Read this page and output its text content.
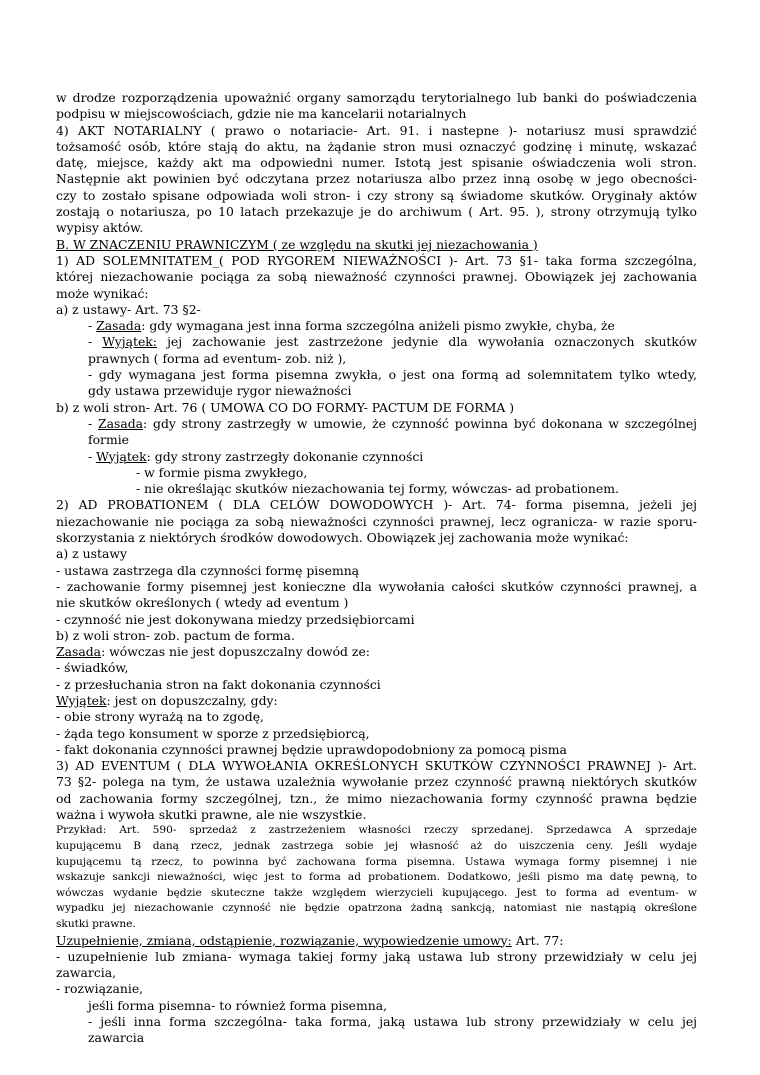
w drodze rozporządzenia upoważnić organy samorządu terytorialnego lub banki do poświadczenia
podpisu w miejscowościach, gdzie nie ma kancelarii notarialnych
4) AKT NOTARIALNY ( prawo o notariacie- Art. 91. i nastepne )- notariusz musi sprawdzić
tożsamość osób, które stają do aktu, na żądanie stron musi oznaczyć godzinę i minutę, wskazać
datę, miejsce, każdy akt ma odpowiedni numer. Istotą jest spisanie oświadczenia woli stron.
Następnie akt powinien być odczytana przez notariusza albo przez inną osobę w jego obecności-
czy to zostało spisane odpowiada woli stron- i czy strony są świadome skutków. Oryginały aktów
zostają o notariusza, po 10 latach przekazuje je do archiwum ( Art. 95. ), strony otrzymują tylko
wypisy aktów.
B. W ZNACZENIU PRAWNICZYM ( ze względu na skutki jej niezachowania )
1) AD SOLEMNITATEM_( POD RYGOREM NIEWAŻNOŚCI )- Art. 73 §1- taka forma szczególna,
której niezachowanie pociąga za sobą nieważność czynności prawnej. Obowiązek jej zachowania
może wynikać:
a) z ustawy- Art. 73 §2-
- Zasada: gdy wymagana jest inna forma szczególna aniżeli pismo zwykłe, chyba, że
- Wyjątek: jej zachowanie jest zastrzeżone jedynie dla wywołania oznaczonych skutków
prawnych ( forma ad eventum- zob. niż ),
- gdy wymagana jest forma pisemna zwykła, o jest ona formą ad solemnitatem tylko wtedy,
gdy ustawa przewiduje rygor nieważności
b) z woli stron- Art. 76 ( UMOWA CO DO FORMY- PACTUM DE FORMA )
- Zasada: gdy strony zastrzegły w umowie, że czynność powinna być dokonana w szczególnej
formie
- Wyjątek: gdy strony zastrzegły dokonanie czynności
- w formie pisma zwykłego,
- nie określając skutków niezachowania tej formy, wówczas- ad probationem.
2) AD PROBATIONEM ( DLA CELÓW DOWODOWYCH )- Art. 74- forma pisemna, jeżeli jej
niezachowanie nie pociąga za sobą nieważności czynności prawnej, lecz ogranicza- w razie sporu-
skorzystania z niektórych środków dowodowych. Obowiązek jej zachowania może wynikać:
a) z ustawy
- ustawa zastrzega dla czynności formę pisemną
- zachowanie formy pisemnej jest konieczne dla wywołania całości skutków czynności prawnej, a
nie skutków określonych ( wtedy ad eventum )
- czynność nie jest dokonywana miedzy przedsiębiorcami
b) z woli stron- zob. pactum de forma.
Zasada: wówczas nie jest dopuszczalny dowód ze:
- świadków,
- z przesłuchania stron na fakt dokonania czynności
Wyjątek: jest on dopuszczalny, gdy:
- obie strony wyrażą na to zgodę,
- żąda tego konsument w sporze z przedsiębiorcą,
- fakt dokonania czynności prawnej będzie uprawdopodobniony za pomocą pisma
3) AD EVENTUM ( DLA WYWOŁANIA OKREŚLONYCH SKUTKÓW CZYNNOŚCI PRAWNEJ )- Art.
73 §2- polega na tym, że ustawa uzależnia wywołanie przez czynność prawną niektórych skutków
od zachowania formy szczególnej, tzn., że mimo niezachowania formy czynność prawna będzie
ważna i wywoła skutki prawne, ale nie wszystkie.
Przykład: Art. 590- sprzedaż z zastrzeżeniem własności rzeczy sprzedanej. Sprzedawca A sprzedaje
kupującemu B daną rzecz, jednak zastrzega sobie jej własność aż do uiszczenia ceny. Jeśli wydaje
kupującemu tą rzecz, to powinna być zachowana forma pisemna. Ustawa wymaga formy pisemnej i nie
wskazuje sankcji nieważności, więc jest to forma ad probationem. Dodatkowo, jeśli pismo ma datę pewną, to
wówczas wydanie będzie skuteczne także względem wierzycieli kupującego. Jest to forma ad eventum- w
wypadku jej niezachowanie czynność nie będzie opatrzona żadną sankcją, natomiast nie nastąpią określone
skutki prawne.
Uzupełnienie, zmiana, odstąpienie, rozwiązanie, wypowiedzenie umowy: Art. 77:
- uzupełnienie lub zmiana- wymaga takiej formy jaką ustawa lub strony przewidziały w celu jej
zawarcia,
- rozwiązanie,
jeśli forma pisemna- to również forma pisemna,
- jeśli inna forma szczególna- taka forma, jaką ustawa lub strony przewidziały w celu jej
zawarcia
